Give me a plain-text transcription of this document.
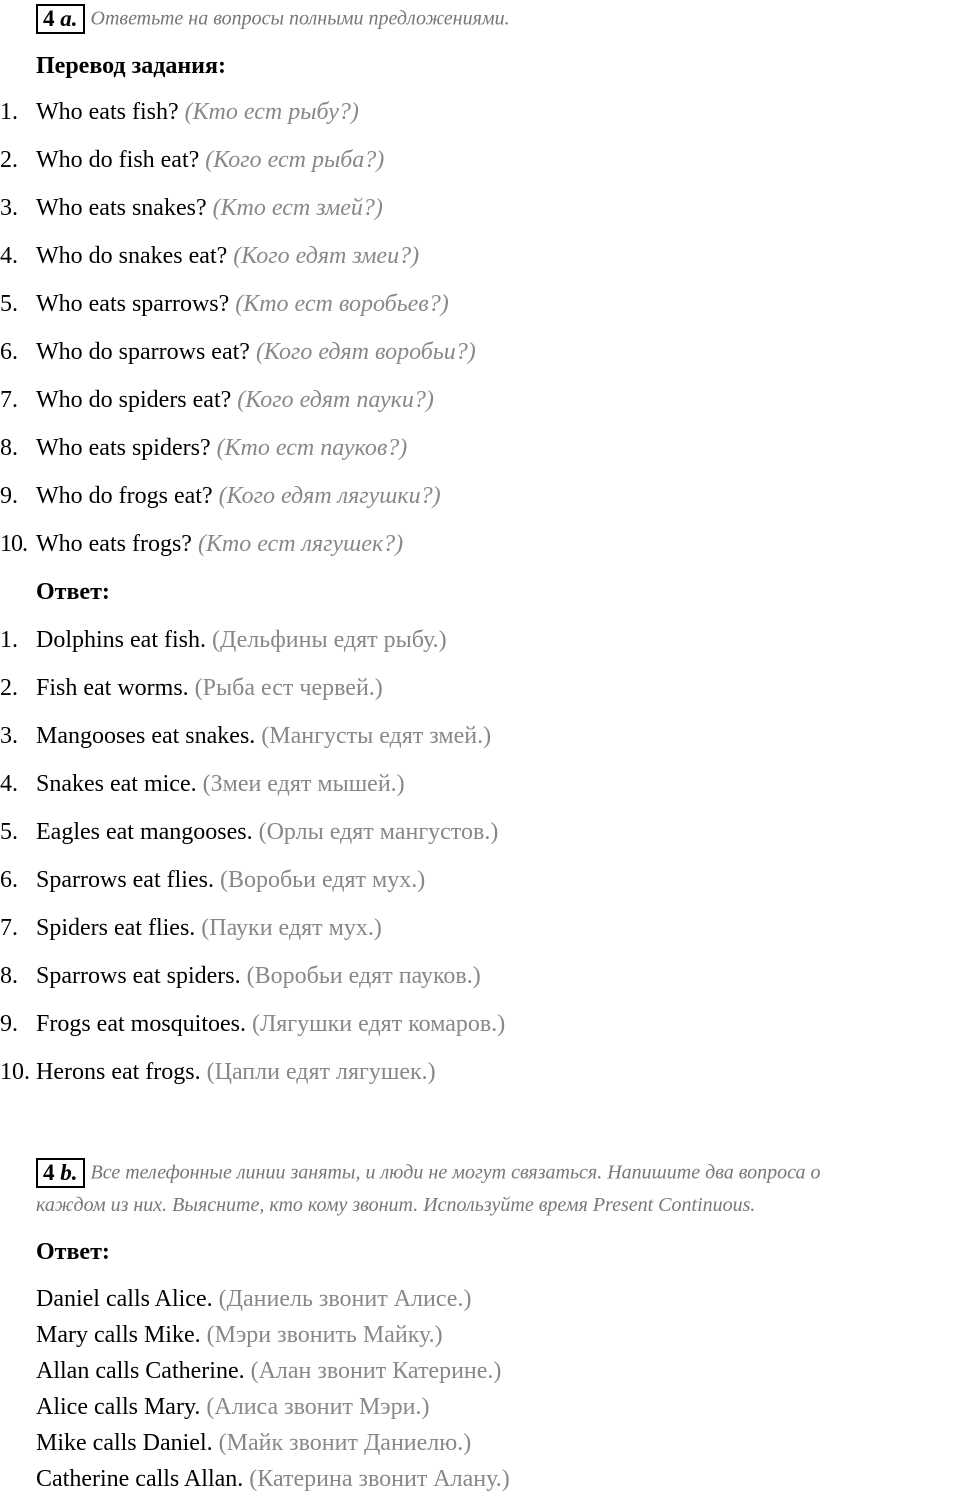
4 a. Ответьте на вопросы полными предложениями.
Перевод задания:
1. Who eats fish? (Кто ест рыбу?)
2. Who do fish eat? (Кого ест рыба?)
3. Who eats snakes? (Кто ест змей?)
4. Who do snakes eat? (Кого едят змеи?)
5. Who eats sparrows? (Кто ест воробьев?)
6. Who do sparrows eat? (Кого едят воробьи?)
7. Who do spiders eat? (Кого едят пауки?)
8. Who eats spiders? (Кто ест пауков?)
9. Who do frogs eat? (Кого едят лягушки?)
10. Who eats frogs? (Кто ест лягушек?)
Ответ:
1. Dolphins eat fish. (Дельфины едят рыбу.)
2. Fish eat worms. (Рыба ест червей.)
3. Mangooses eat snakes. (Мангусты едят змей.)
4. Snakes eat mice. (Змеи едят мышей.)
5. Eagles eat mangooses. (Орлы едят мангустов.)
6. Sparrows eat flies. (Воробьи едят мух.)
7. Spiders eat flies. (Пауки едят мух.)
8. Sparrows eat spiders. (Воробьи едят пауков.)
9. Frogs eat mosquitoes. (Лягушки едят комаров.)
10. Herons eat frogs. (Цапли едят лягушек.)
4 b. Все телефонные линии заняты, и люди не могут связаться. Напишите два вопроса о
каждом из них. Выясните, кто кому звонит. Используйте время Present Contiпиоиs.
Ответ:
Daniel calls Alice. (Даниель звонит Алисе.)
Mary calls Mike. (Мэри звонить Майку.)
Allan calls Catherine. (Алан звонит Катерине.)
Alice calls Mary. (Алиса звонит Мэри.)
Mike calls Daniel. (Майк звонит Даниелю.)
Catherine calls Allan. (Катерина звонит Алану.)
